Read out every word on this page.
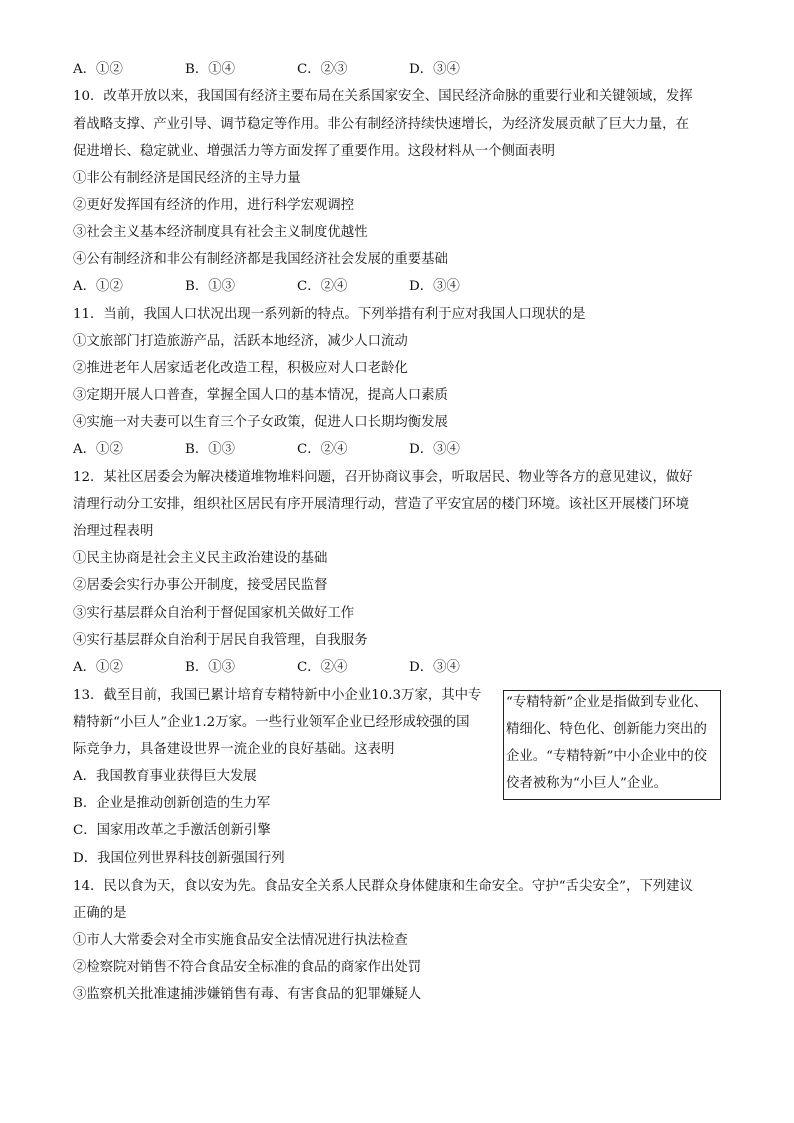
A．①②	B．①④	C．②③	D．③④
10．改革开放以来，我国国有经济主要布局在关系国家安全、国民经济命脉的重要行业和关键领域，发挥
着战略支撑、产业引导、调节稳定等作用。非公有制经济持续快速增长，为经济发展贡献了巨大力量，在
促进增长、稳定就业、增强活力等方面发挥了重要作用。这段材料从一个侧面表明
①非公有制经济是国民经济的主导力量
②更好发挥国有经济的作用，进行科学宏观调控
③社会主义基本经济制度具有社会主义制度优越性
④公有制经济和非公有制经济都是我国经济社会发展的重要基础
A．①②	B．①③	C．②④	D．③④
11．当前，我国人口状况出现一系列新的特点。下列举措有利于应对我国人口现状的是
①文旅部门打造旅游产品，活跃本地经济，减少人口流动
②推进老年人居家适老化改造工程，积极应对人口老龄化
③定期开展人口普查，掌握全国人口的基本情况，提高人口素质
④实施一对夫妻可以生育三个子女政策，促进人口长期均衡发展
A．①②	B．①③	C．②④	D．③④
12．某社区居委会为解决楼道堆物堆料问题，召开协商议事会，听取居民、物业等各方的意见建议，做好
清理行动分工安排，组织社区居民有序开展清理行动，营造了平安宜居的楼门环境。该社区开展楼门环境
治理过程表明
①民主协商是社会主义民主政治建设的基础
②居委会实行办事公开制度，接受居民监督
③实行基层群众自治利于督促国家机关做好工作
④实行基层群众自治利于居民自我管理，自我服务
A．①②	B．①③	C．②④	D．③④
13．截至目前，我国已累计培育专精特新中小企业10.3万家，其中专
精特新“小巨人”企业1.2万家。一些行业领军企业已经形成较强的国
际竞争力，具备建设世界一流企业的良好基础。这表明
A．我国教育事业获得巨大发展
B．企业是推动创新创造的生力军
C．国家用改革之手激活创新引擎
D．我国位列世界科技创新强国行列
“专精特新”企业是指做到专业化、
精细化、特色化、创新能力突出的
企业。“专精特新”中小企业中的佼
佼者被称为“小巨人”企业。
14．民以食为天，食以安为先。食品安全关系人民群众身体健康和生命安全。守护“舌尖安全”，下列建议
正确的是
①市人大常委会对全市实施食品安全法情况进行执法检查
②检察院对销售不符合食品安全标准的食品的商家作出处罚
③监察机关批准逮捕涉嫌销售有毒、有害食品的犯罪嫌疑人
